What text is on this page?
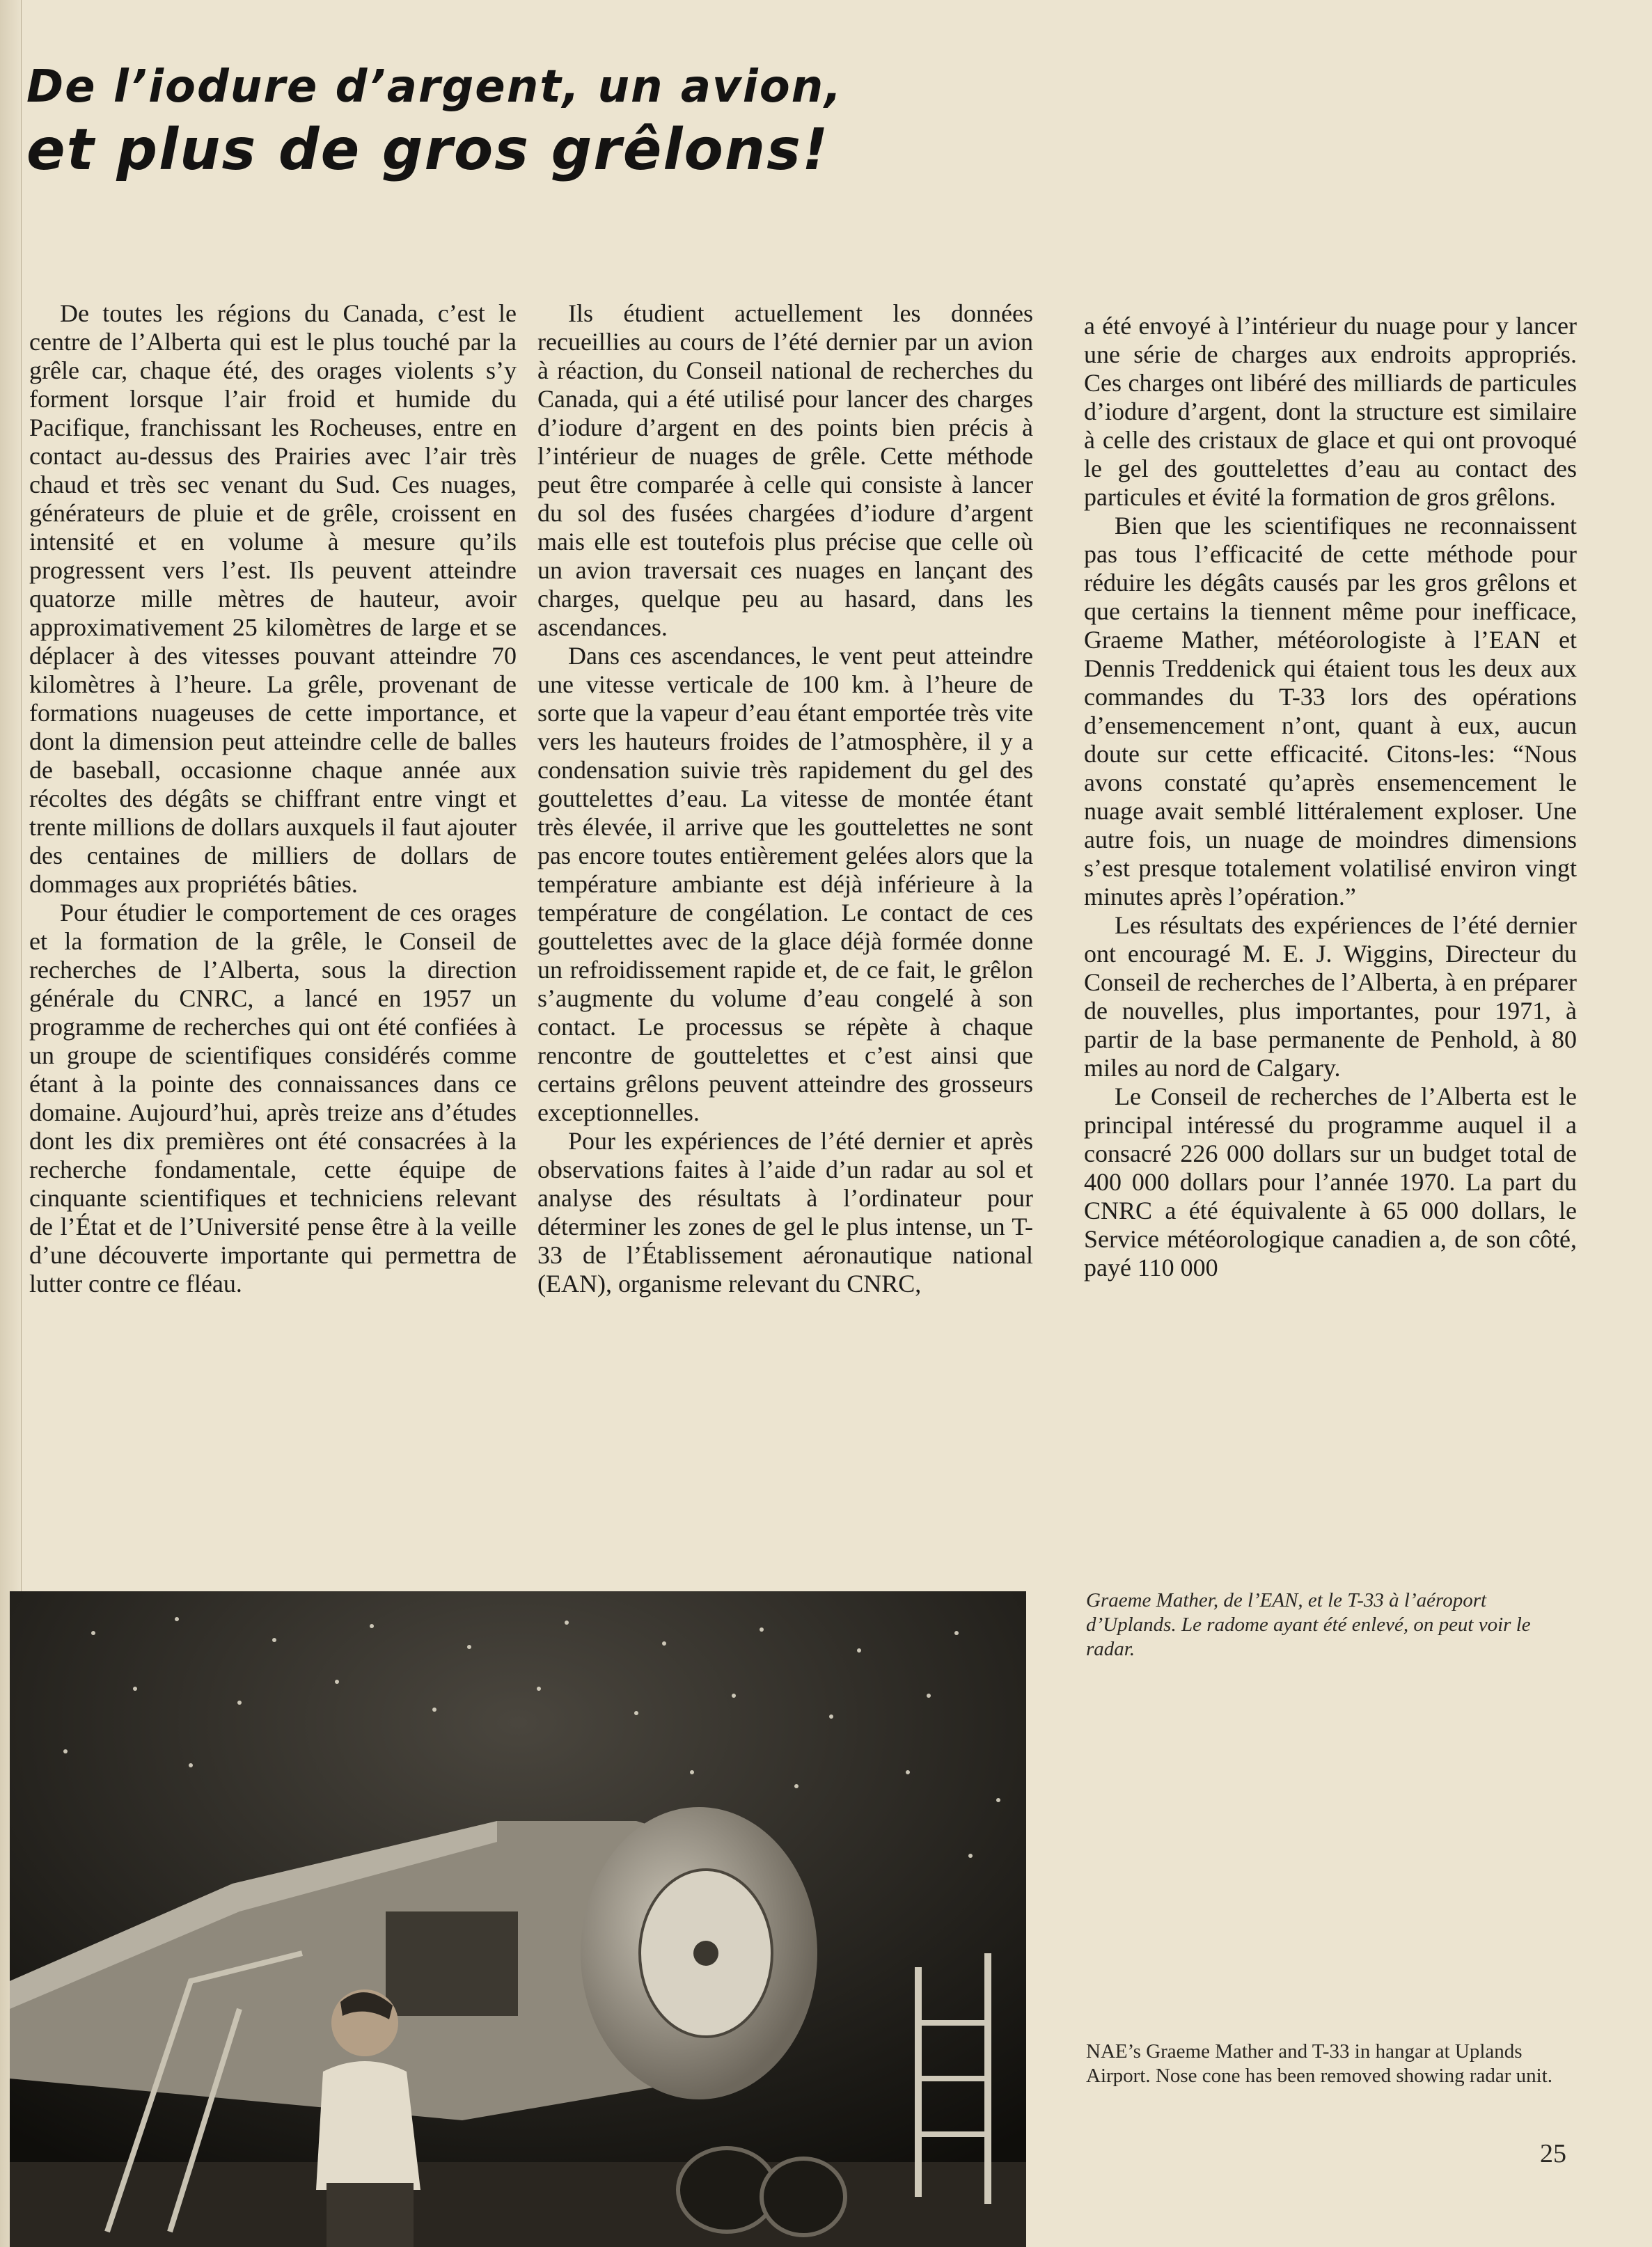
De l’iodure d’argent, un avion,
et plus de gros grêlons!

De toutes les régions du Canada, c’est le centre de l’Alberta qui est le plus touché par la grêle car, chaque été, des orages violents s’y forment lorsque l’air froid et humide du Pacifique, franchissant les Rocheuses, entre en contact au-dessus des Prairies avec l’air très chaud et très sec venant du Sud. Ces nuages, générateurs de pluie et de grêle, croissent en intensité et en volume à mesure qu’ils progressent vers l’est. Ils peuvent atteindre quatorze mille mètres de hauteur, avoir approximativement 25 kilomètres de large et se déplacer à des vitesses pouvant atteindre 70 kilomètres à l’heure. La grêle, provenant de formations nuageuses de cette importance, et dont la dimension peut atteindre celle de balles de baseball, occasionne chaque année aux récoltes des dégâts se chiffrant entre vingt et trente millions de dollars auxquels il faut ajouter des centaines de milliers de dollars de dommages aux propriétés bâties.

Pour étudier le comportement de ces orages et la formation de la grêle, le Conseil de recherches de l’Alberta, sous la direction générale du CNRC, a lancé en 1957 un programme de recherches qui ont été confiées à un groupe de scientifiques considérés comme étant à la pointe des connaissances dans ce domaine. Aujourd’hui, après treize ans d’études dont les dix premières ont été consacrées à la recherche fondamentale, cette équipe de cinquante scientifiques et techniciens relevant de l’État et de l’Université pense être à la veille d’une découverte importante qui permettra de lutter contre ce fléau.

Ils étudient actuellement les données recueillies au cours de l’été dernier par un avion à réaction, du Conseil national de recherches du Canada, qui a été utilisé pour lancer des charges d’iodure d’argent en des points bien précis à l’intérieur de nuages de grêle. Cette méthode peut être comparée à celle qui consiste à lancer du sol des fusées chargées d’iodure d’argent mais elle est toutefois plus précise que celle où un avion traversait ces nuages en lançant des charges, quelque peu au hasard, dans les ascendances.

Dans ces ascendances, le vent peut atteindre une vitesse verticale de 100 km. à l’heure de sorte que la vapeur d’eau étant emportée très vite vers les hauteurs froides de l’atmosphère, il y a condensation suivie très rapidement du gel des gouttelettes d’eau. La vitesse de montée étant très élevée, il arrive que les gouttelettes ne sont pas encore toutes entièrement gelées alors que la température ambiante est déjà inférieure à la température de congélation. Le contact de ces gouttelettes avec de la glace déjà formée donne un refroidissement rapide et, de ce fait, le grêlon s’augmente du volume d’eau congelé à son contact. Le processus se répète à chaque rencontre de gouttelettes et c’est ainsi que certains grêlons peuvent atteindre des grosseurs exceptionnelles.

Pour les expériences de l’été dernier et après observations faites à l’aide d’un radar au sol et analyse des résultats à l’ordinateur pour déterminer les zones de gel le plus intense, un T-33 de l’Établissement aéronautique national (EAN), organisme relevant du CNRC,

a été envoyé à l’intérieur du nuage pour y lancer une série de charges aux endroits appropriés. Ces charges ont libéré des milliards de particules d’iodure d’argent, dont la structure est similaire à celle des cristaux de glace et qui ont provoqué le gel des gouttelettes d’eau au contact des particules et évité la formation de gros grêlons.

Bien que les scientifiques ne reconnaissent pas tous l’efficacité de cette méthode pour réduire les dégâts causés par les gros grêlons et que certains la tiennent même pour inefficace, Graeme Mather, météorologiste à l’EAN et Dennis Treddenick qui étaient tous les deux aux commandes du T-33 lors des opérations d’ensemencement n’ont, quant à eux, aucun doute sur cette efficacité. Citons-les: “Nous avons constaté qu’après ensemencement le nuage avait semblé littéralement exploser. Une autre fois, un nuage de moindres dimensions s’est presque totalement volatilisé environ vingt minutes après l’opération.”

Les résultats des expériences de l’été dernier ont encouragé M. E. J. Wiggins, Directeur du Conseil de recherches de l’Alberta, à en préparer de nouvelles, plus importantes, pour 1971, à partir de la base permanente de Penhold, à 80 miles au nord de Calgary.

Le Conseil de recherches de l’Alberta est le principal intéressé du programme auquel il a consacré 226 000 dollars sur un budget total de 400 000 dollars pour l’année 1970. La part du CNRC a été équivalente à 65 000 dollars, le Service météorologique canadien a, de son côté, payé 110 000

Graeme Mather, de l’EAN, et le T-33 à l’aéroport d’Uplands. Le radome ayant été enlevé, on peut voir le radar.

NAE’s Graeme Mather and T-33 in hangar at Uplands Airport. Nose cone has been removed showing radar unit.

25
